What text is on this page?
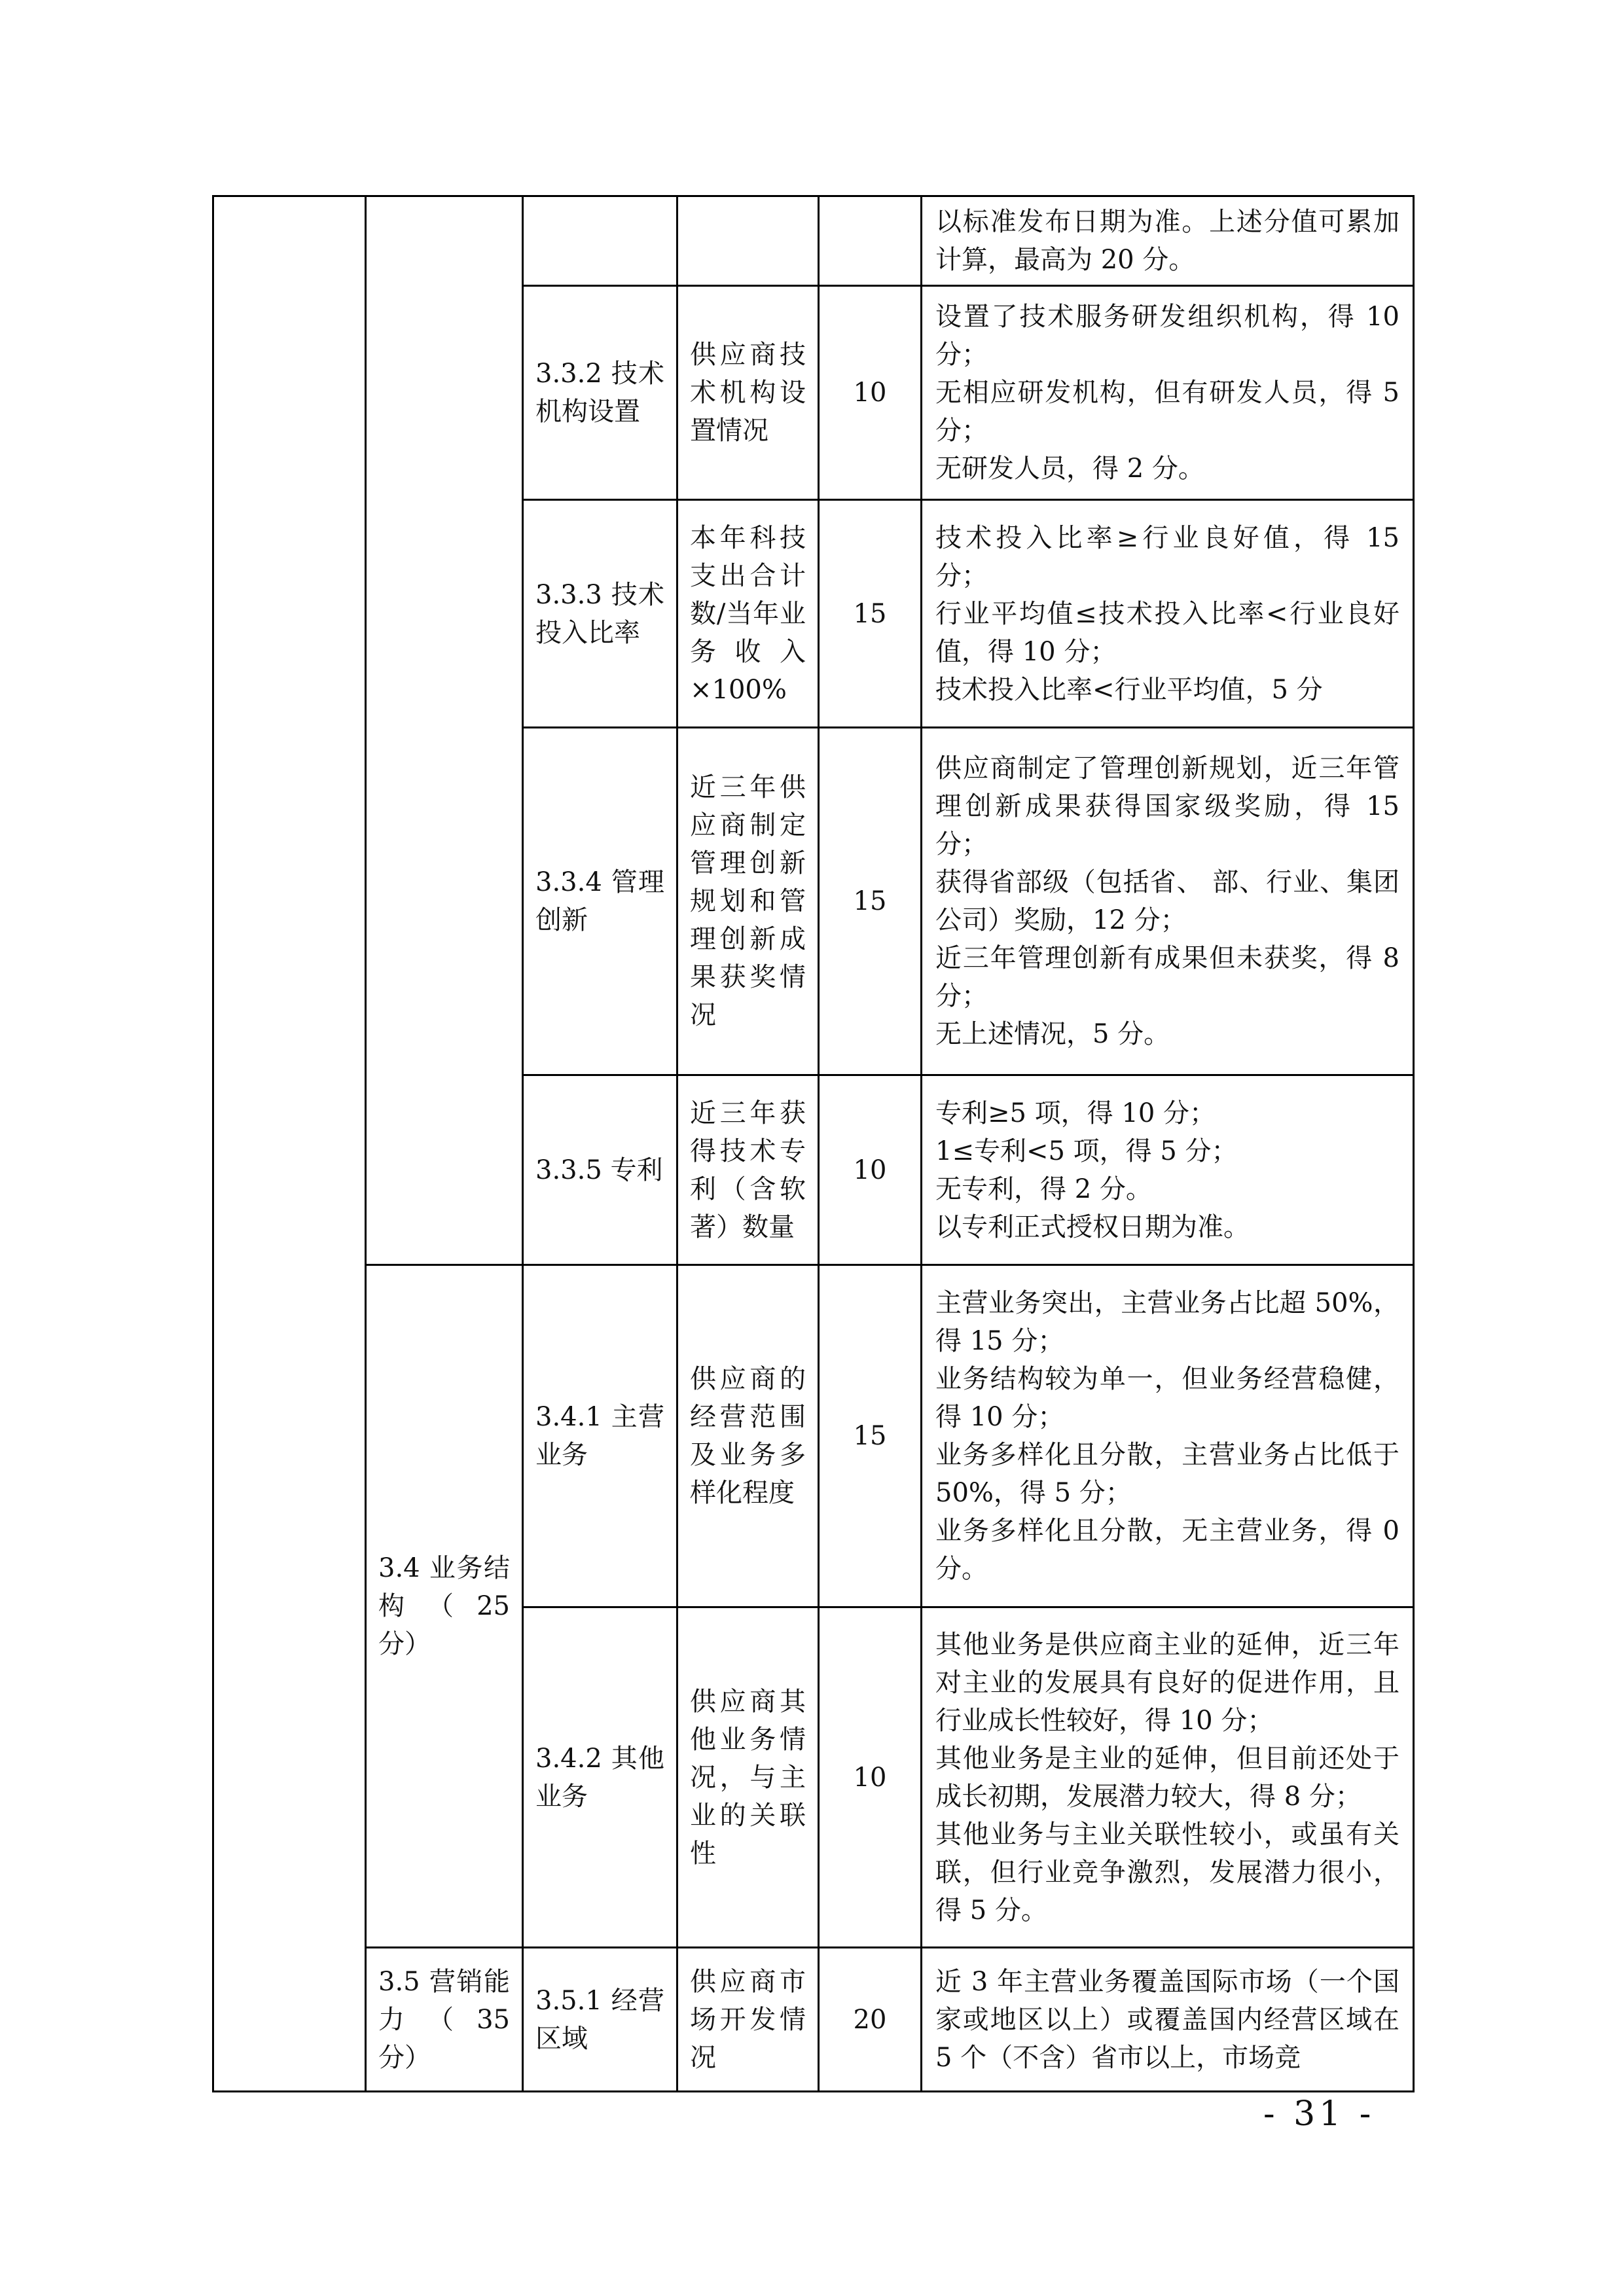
					以标准发布日期为准。上述分值可累加计算，最高为 20 分。

		3.3.2 技术机构设置	供应商技术机构设置情况	10	设置了技术服务研发组织机构，得 10 分；
无相应研发机构，但有研发人员，得 5 分；
无研发人员，得 2 分。

		3.3.3 技术投入比率	本年科技支出合计数/当年业务收入×100%	15	技术投入比率≥行业良好值，得 15 分；
行业平均值≤技术投入比率<行业良好值，得 10 分；
技术投入比率<行业平均值，5 分

		3.3.4 管理创新	近三年供应商制定管理创新规划和管理创新成果获奖情况	15	供应商制定了管理创新规划，近三年管理创新成果获得国家级奖励，得 15 分；
获得省部级（包括省、 部、行业、集团公司）奖励，12 分；
近三年管理创新有成果但未获奖，得 8 分；
无上述情况，5 分。

		3.3.5 专利	近三年获得技术专利（含软著）数量	10	专利≥5 项，得 10 分；
1≤专利<5 项，得 5 分；
无专利，得 2 分。
以专利正式授权日期为准。

	3.4 业务结构（25 分）	3.4.1 主营业务	供应商的经营范围及业务多样化程度	15	主营业务突出，主营业务占比超 50%，得 15 分；
业务结构较为单一，但业务经营稳健，得 10 分；
业务多样化且分散，主营业务占比低于 50%，得 5 分；
业务多样化且分散，无主营业务，得 0 分。

		3.4.2 其他业务	供应商其他业务情况，与主业的关联性	10	其他业务是供应商主业的延伸，近三年对主业的发展具有良好的促进作用，且行业成长性较好，得 10 分；
其他业务是主业的延伸，但目前还处于成长初期，发展潜力较大，得 8 分；
其他业务与主业关联性较小，或虽有关联，但行业竞争激烈，发展潜力很小，得 5 分。

	3.5 营销能力（35 分）	3.5.1 经营区域	供应商市场开发情况	20	近 3 年主营业务覆盖国际市场（一个国家或地区以上）或覆盖国内经营区域在 5 个（不含）省市以上，市场竞
- 31 -
